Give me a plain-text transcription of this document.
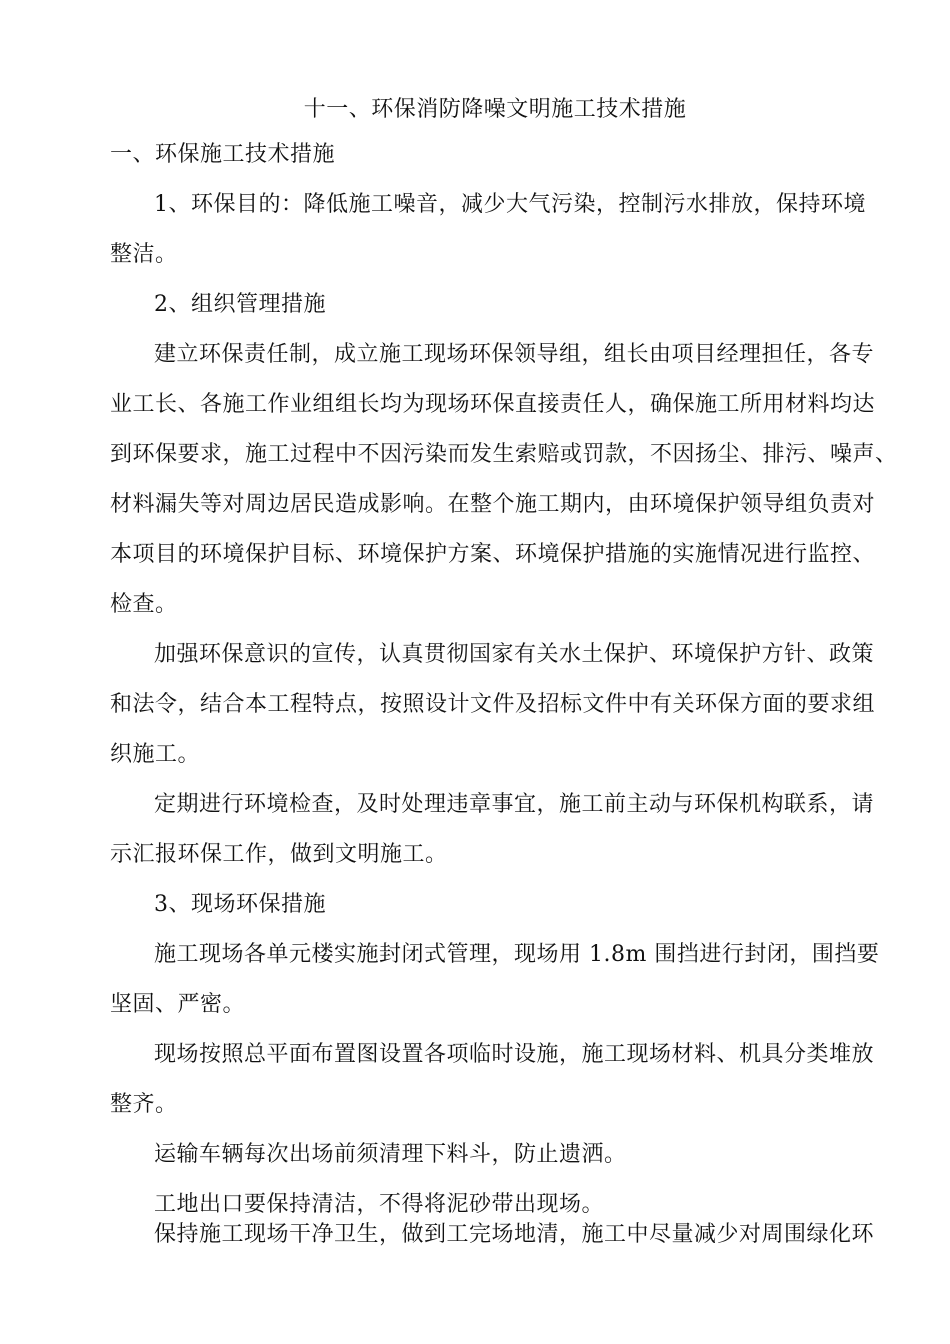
十一、环保消防降噪文明施工技术措施
一、环保施工技术措施
1、环保目的：降低施工噪音，减少大气污染，控制污水排放，保持环境
整洁。
2、组织管理措施
建立环保责任制，成立施工现场环保领导组，组长由项目经理担任，各专
业工长、各施工作业组组长均为现场环保直接责任人，确保施工所用材料均达
到环保要求，施工过程中不因污染而发生索赔或罚款，不因扬尘、排污、噪声、
材料漏失等对周边居民造成影响。在整个施工期内，由环境保护领导组负责对
本项目的环境保护目标、环境保护方案、环境保护措施的实施情况进行监控、
检查。
加强环保意识的宣传，认真贯彻国家有关水土保护、环境保护方针、政策
和法令，结合本工程特点，按照设计文件及招标文件中有关环保方面的要求组
织施工。
定期进行环境检查，及时处理违章事宜，施工前主动与环保机构联系，请
示汇报环保工作，做到文明施工。
3、现场环保措施
施工现场各单元楼实施封闭式管理，现场用 1.8m 围挡进行封闭，围挡要
坚固、严密。
现场按照总平面布置图设置各项临时设施，施工现场材料、机具分类堆放
整齐。
运输车辆每次出场前须清理下料斗，防止遗洒。
工地出口要保持清洁，不得将泥砂带出现场。
保持施工现场干净卫生，做到工完场地清，施工中尽量减少对周围绿化环
